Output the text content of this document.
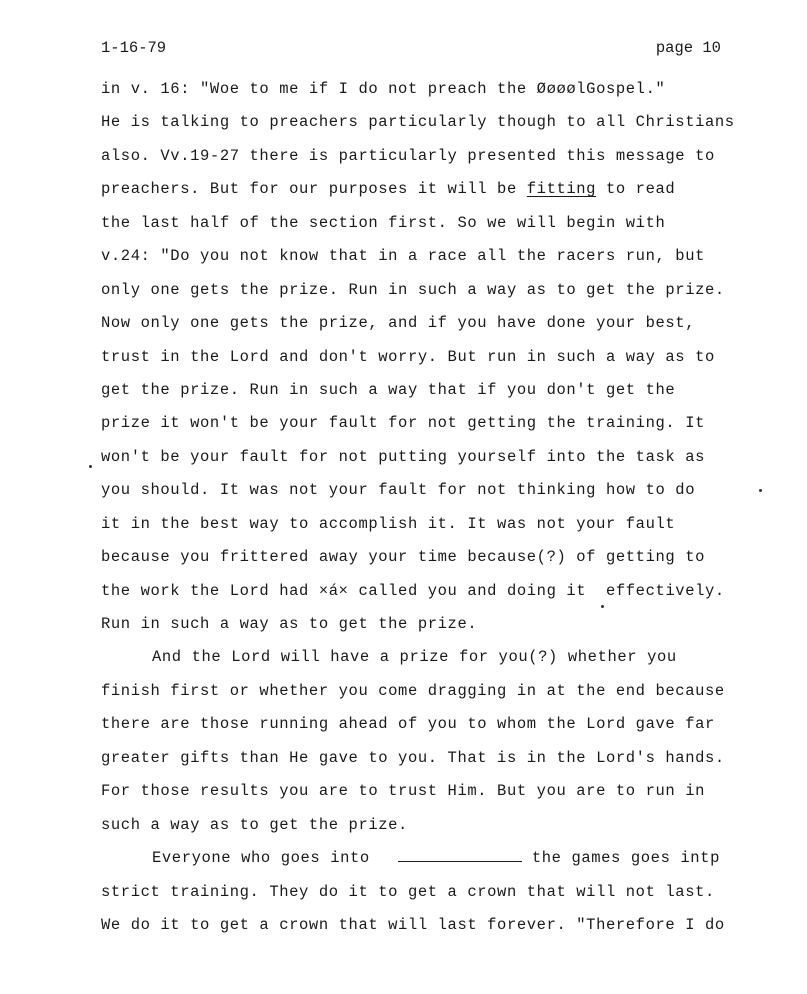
1-16-79	page 10
in v. 16: "Woe to me if I do not preach the ØøøølGospel."
He is talking to preachers particularly though to all Christians
also. Vv.19-27 there is particularly presented this message to
preachers. But for our purposes it will be fitting to read
the last half of the section first. So we will begin with
v.24: "Do you not know that in a race all the racers run, but
only one gets the prize. Run in such a way as to get the prize.
Now only one gets the prize, and if you have done your best,
trust in the Lord and don't worry. But run in such a way as to
get the prize. Run in such a way that if you don't get the
prize it won't be your fault for not getting the training. It
won't be your fault for not putting yourself into the task as
you should. It was not your fault for not thinking how to do
it in the best way to accomplish it. It was not your fault
because you frittered away your time because(?) of getting to
the work the Lord had ×á× called you and doing it  effectively.
Run in such a way as to get the prize.
And the Lord will have a prize for you(?) whether you
finish first or whether you come dragging in at the end because
there are those running ahead of you to whom the Lord gave far
greater gifts than He gave to you. That is in the Lord's hands.
For those results you are to trust Him. But you are to run in
such a way as to get the prize.
Everyone who goes into	the games goes intp
strict training. They do it to get a crown that will not last.
We do it to get a crown that will last forever. "Therefore I do
